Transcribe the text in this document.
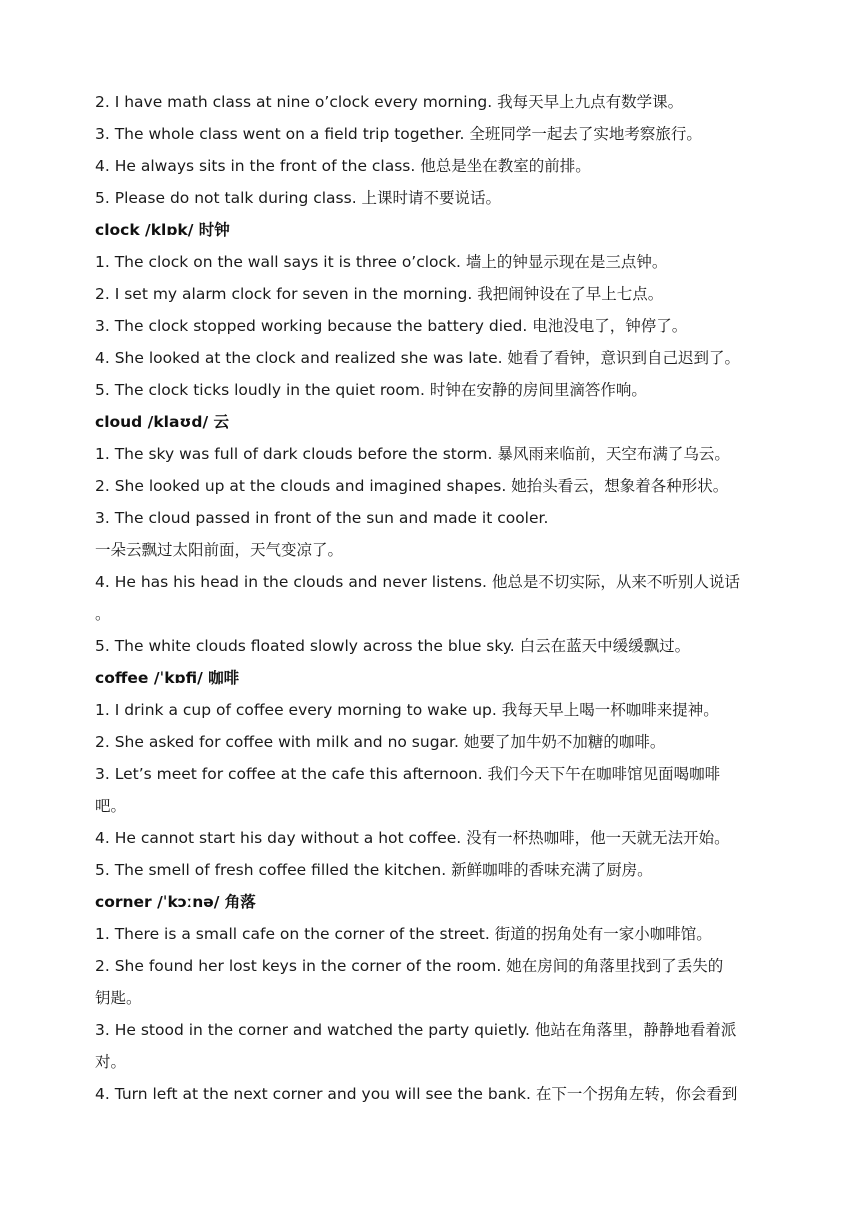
2. I have math class at nine o’clock every morning. 我每天早上九点有数学课。
3. The whole class went on a field trip together. 全班同学一起去了实地考察旅行。
4. He always sits in the front of the class. 他总是坐在教室的前排。
5. Please do not talk during class. 上课时请不要说话。
clock /klɒk/ 时钟
1. The clock on the wall says it is three o’clock. 墙上的钟显示现在是三点钟。
2. I set my alarm clock for seven in the morning. 我把闹钟设在了早上七点。
3. The clock stopped working because the battery died. 电池没电了，钟停了。
4. She looked at the clock and realized she was late. 她看了看钟，意识到自己迟到了。
5. The clock ticks loudly in the quiet room. 时钟在安静的房间里滴答作响。
cloud /klaʊd/ 云
1. The sky was full of dark clouds before the storm. 暴风雨来临前，天空布满了乌云。
2. She looked up at the clouds and imagined shapes. 她抬头看云，想象着各种形状。
3. The cloud passed in front of the sun and made it cooler.
一朵云飘过太阳前面，天气变凉了。
4. He has his head in the clouds and never listens. 他总是不切实际，从来不听别人说话
。
5. The white clouds floated slowly across the blue sky. 白云在蓝天中缓缓飘过。
coffee /ˈkɒfi/ 咖啡
1. I drink a cup of coffee every morning to wake up. 我每天早上喝一杯咖啡来提神。
2. She asked for coffee with milk and no sugar. 她要了加牛奶不加糖的咖啡。
3. Let’s meet for coffee at the cafe this afternoon. 我们今天下午在咖啡馆见面喝咖啡
吧。
4. He cannot start his day without a hot coffee. 没有一杯热咖啡，他一天就无法开始。
5. The smell of fresh coffee filled the kitchen. 新鲜咖啡的香味充满了厨房。
corner /ˈkɔːnə/ 角落
1. There is a small cafe on the corner of the street. 街道的拐角处有一家小咖啡馆。
2. She found her lost keys in the corner of the room. 她在房间的角落里找到了丢失的
钥匙。
3. He stood in the corner and watched the party quietly. 他站在角落里，静静地看着派
对。
4. Turn left at the next corner and you will see the bank. 在下一个拐角左转，你会看到
